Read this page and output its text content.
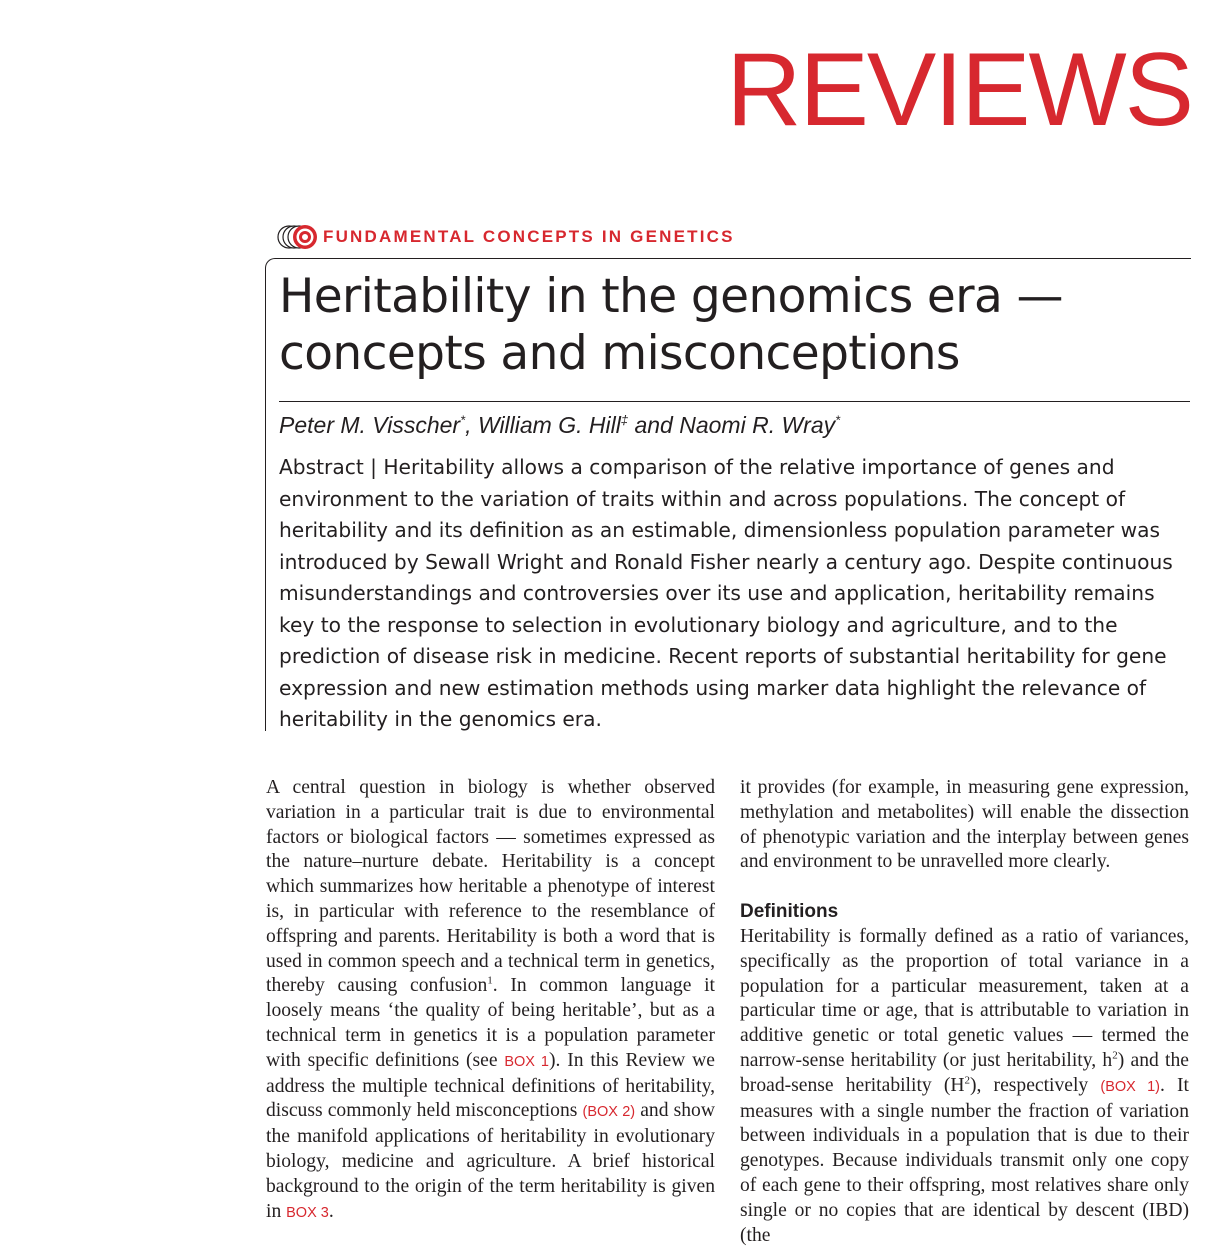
REVIEWS
FUNDAMENTAL CONCEPTS IN GENETICS
Heritability in the genomics era — concepts and misconceptions
Peter M. Visscher*, William G. Hill‡ and Naomi R. Wray*

Abstract | Heritability allows a comparison of the relative importance of genes and environment to the variation of traits within and across populations. The concept of heritability and its definition as an estimable, dimensionless population parameter was introduced by Sewall Wright and Ronald Fisher nearly a century ago. Despite continuous misunderstandings and controversies over its use and application, heritability remains key to the response to selection in evolutionary biology and agriculture, and to the prediction of disease risk in medicine. Recent reports of substantial heritability for gene expression and new estimation methods using marker data highlight the relevance of heritability in the genomics era.

A central question in biology is whether observed variation in a particular trait is due to environmental factors or biological factors — sometimes expressed as the nature–nurture debate. Heritability is a concept which summarizes how heritable a phenotype of interest is, in particular with reference to the resemblance of offspring and parents. Heritability is both a word that is used in common speech and a technical term in genetics, thereby causing confusion$^1$. In common language it loosely means ‘the quality of being heritable’, but as a technical term in genetics it is a population parameter with specific definitions (see BOX 1). In this Review we address the multiple technical definitions of heritability, discuss commonly held misconceptions (BOX 2) and show the manifold applications of heritability in evolutionary biology, medicine and agriculture. A brief historical background to the origin of the term heritability is given in BOX 3.

it provides (for example, in measuring gene expression, methylation and metabolites) will enable the dissection of phenotypic variation and the interplay between genes and environment to be unravelled more clearly.

Definitions

Heritability is formally defined as a ratio of variances, specifically as the proportion of total variance in a population for a particular measurement, taken at a particular time or age, that is attributable to variation in additive genetic or total genetic values — termed the narrow-sense heritability (or just heritability, $h^2$) and the broad-sense heritability $(H^2)$, respectively (BOX 1). It measures with a single number the fraction of variation between individuals in a population that is due to their genotypes. Because individuals transmit only one copy of each gene to their offspring, most relatives share only single or no copies that are identical by descent (IBD) (the
